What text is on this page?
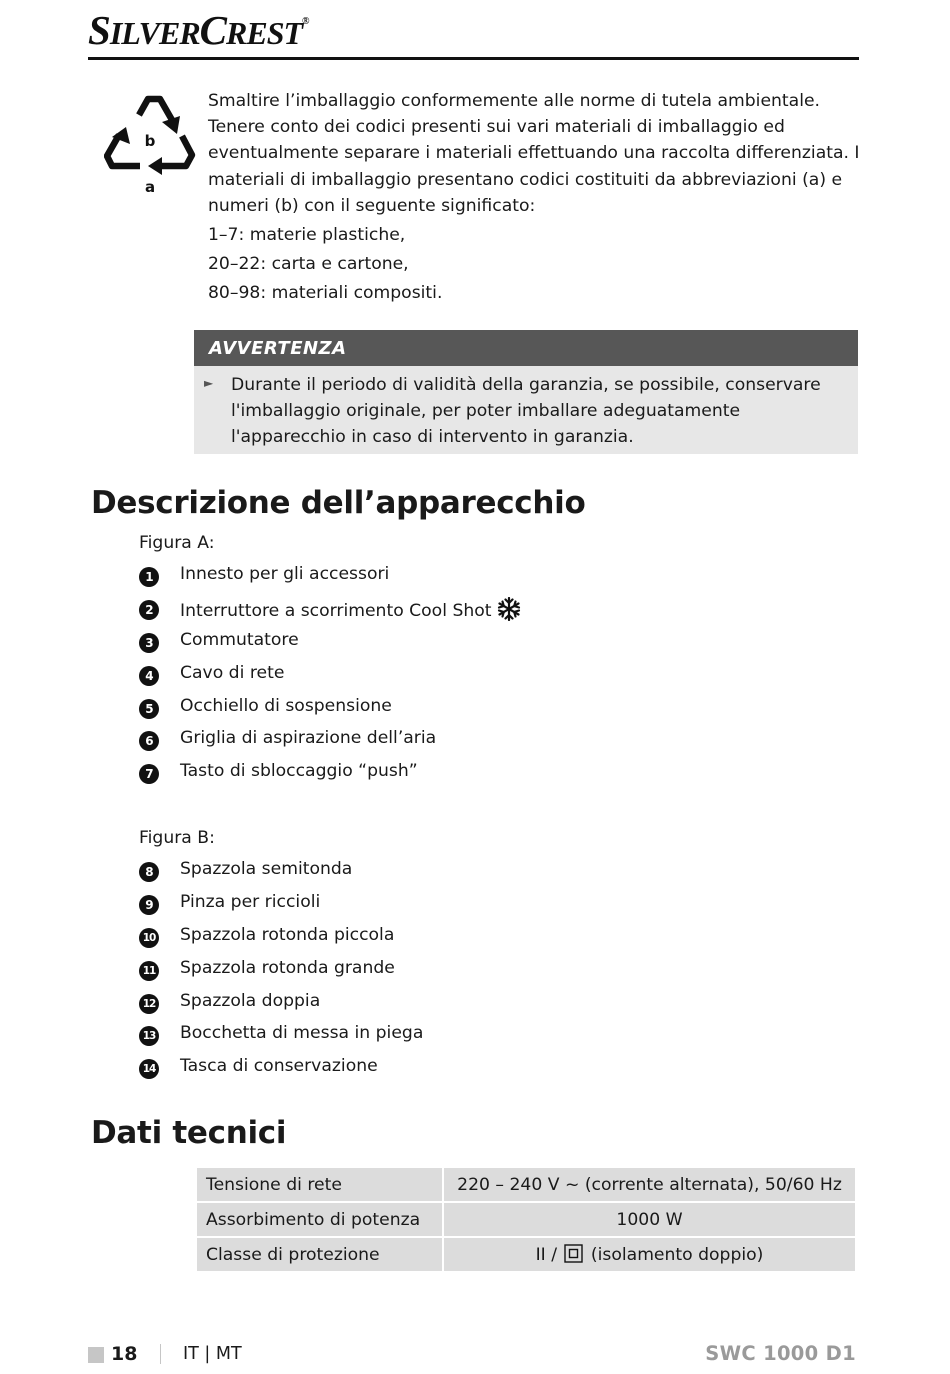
SILVERCREST®
b
a

Smaltire l’imballaggio conformemente alle norme di tutela ambientale.

Tenere conto dei codici presenti sui vari materiali di imballaggio ed eventualmente separare i materiali effettuando una raccolta differenziata. I materiali di imballaggio presentano codici costituiti da abbreviazioni (a) e numeri (b) con il seguente significato:

1–7: materie plastiche,
20–22: carta e cartone,
80–98: materiali compositi.
AVVERTENZA
► Durante il periodo di validità della garanzia, se possibile, conservare l'imballaggio originale, per poter imballare adeguatamente l'apparecchio in caso di intervento in garanzia.

Descrizione dell’apparecchio
Figura A:
1	Innesto per gli accessori
2	Interruttore a scorrimento Cool Shot
3	Commutatore
4	Cavo di rete
5	Occhiello di sospensione
6	Griglia di aspirazione dell’aria
7	Tasto di sbloccaggio “push”
Figura B:
8	Spazzola semitonda
9	Pinza per riccioli
10 Spazzola rotonda piccola
11 Spazzola rotonda grande
12 Spazzola doppia
13 Bocchetta di messa in piega
14 Tasca di conservazione
Dati tecnici
Tensione di rete	220 – 240 V ~ (corrente alternata), 50/60 Hz
Assorbimento di potenza	1000 W
Classe di protezione	II /  (isolamento doppio)
18	IT | MT	SWC 1000 D1
